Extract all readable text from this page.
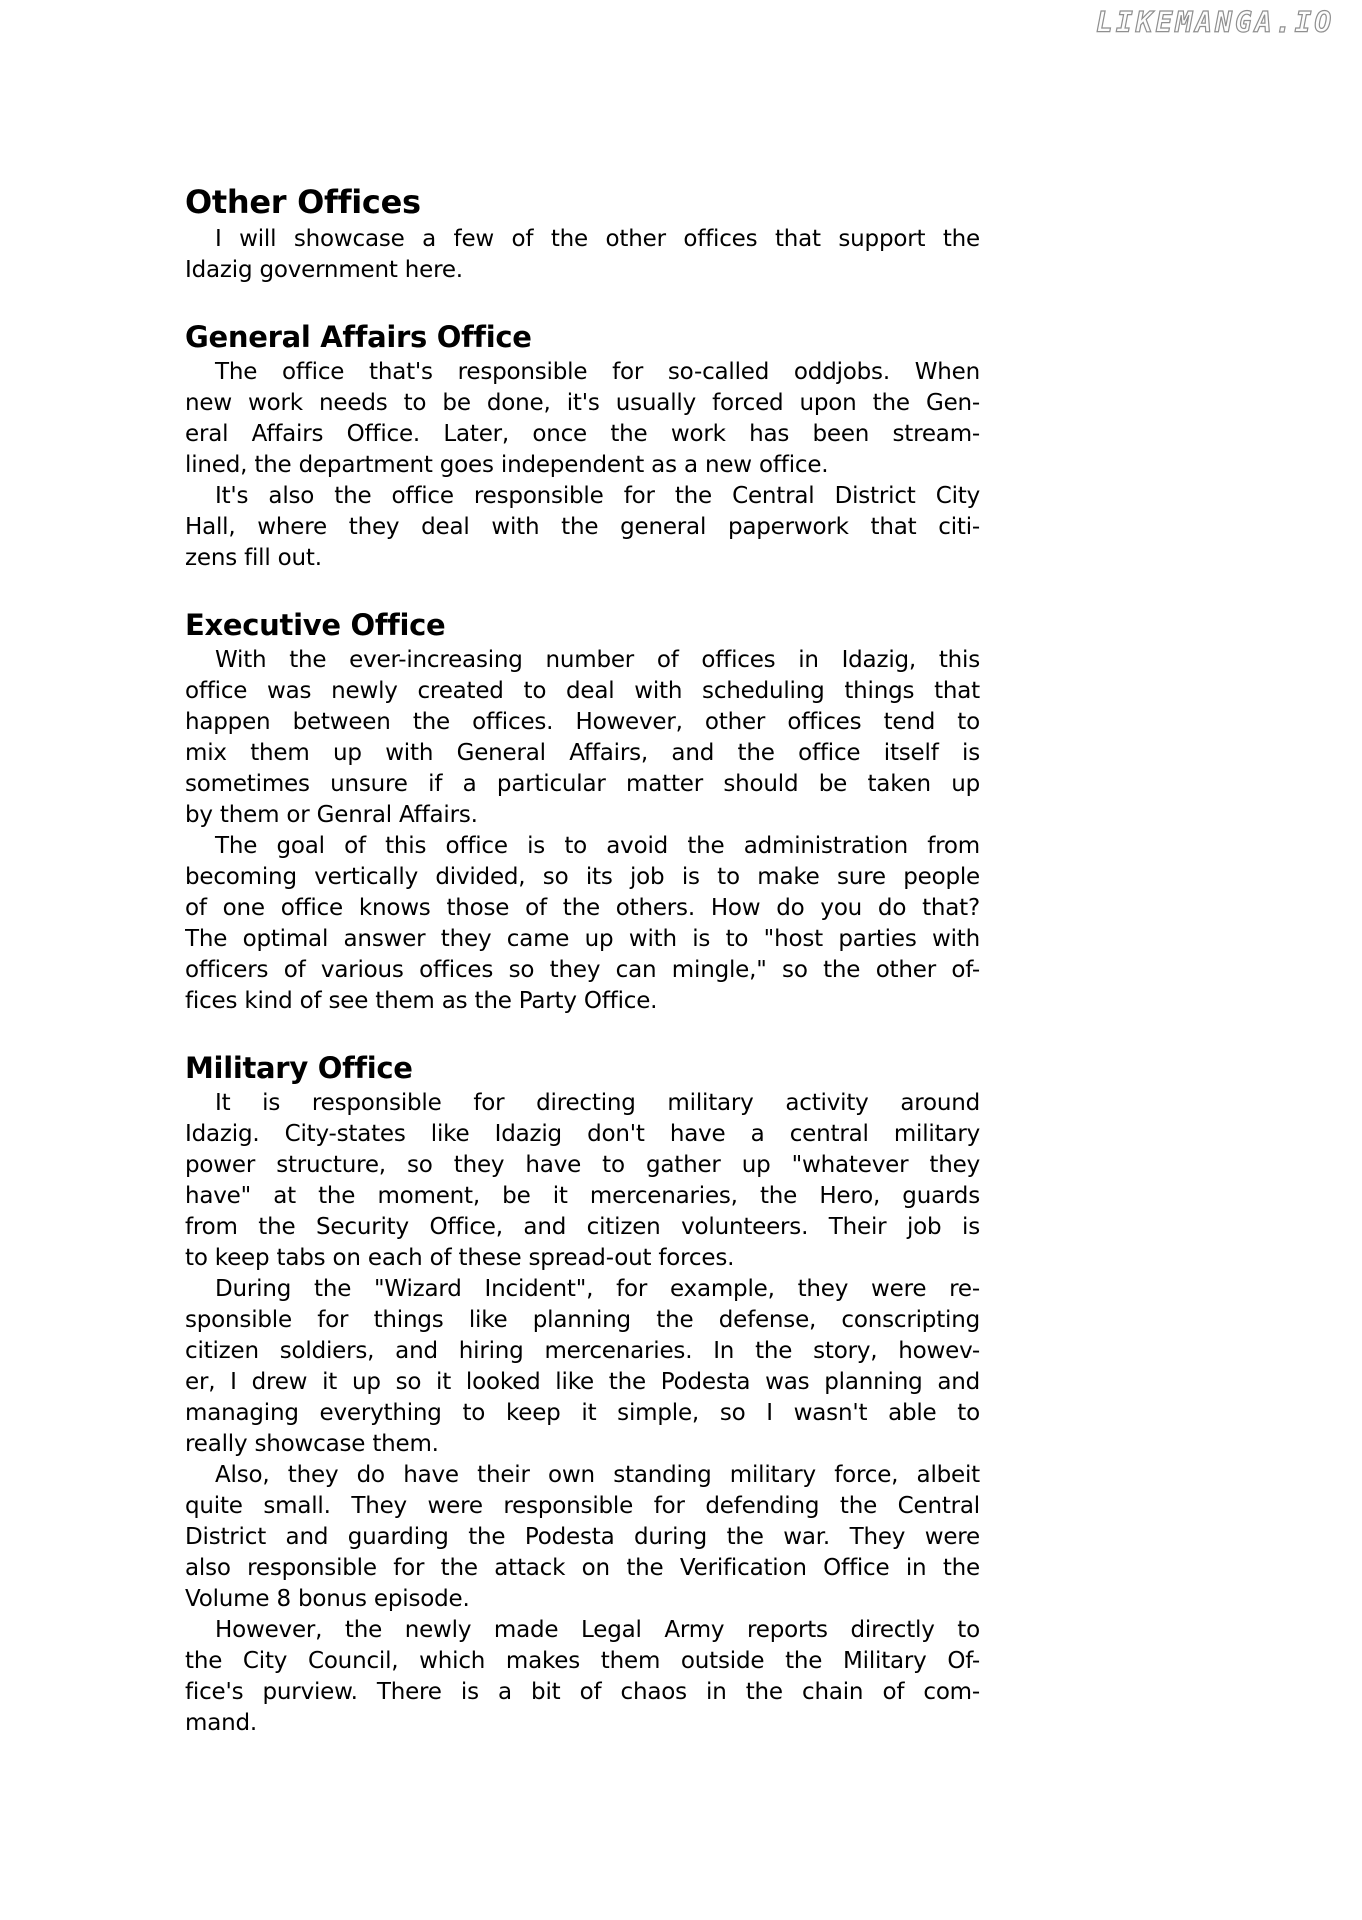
LIKEMANGA.IO
Other Offices
I will showcase a few of the other offices that support the
Idazig government here.
General Affairs Office
The office that's responsible for so-called oddjobs. When
new work needs to be done, it's usually forced upon the Gen-
eral Affairs Office. Later, once the work has been stream-
lined, the department goes independent as a new office.
It's also the office responsible for the Central District City
Hall, where they deal with the general paperwork that citi-
zens fill out.
Executive Office
With the ever-increasing number of offices in Idazig, this
office was newly created to deal with scheduling things that
happen between the offices. However, other offices tend to
mix them up with General Affairs, and the office itself is
sometimes unsure if a particular matter should be taken up
by them or Genral Affairs.
The goal of this office is to avoid the administration from
becoming vertically divided, so its job is to make sure people
of one office knows those of the others. How do you do that?
The optimal answer they came up with is to "host parties with
officers of various offices so they can mingle," so the other of-
fices kind of see them as the Party Office.
Military Office
It is responsible for directing military activity around
Idazig. City-states like Idazig don't have a central military
power structure, so they have to gather up "whatever they
have" at the moment, be it mercenaries, the Hero, guards
from the Security Office, and citizen volunteers. Their job is
to keep tabs on each of these spread-out forces.
During the "Wizard Incident", for example, they were re-
sponsible for things like planning the defense, conscripting
citizen soldiers, and hiring mercenaries. In the story, howev-
er, I drew it up so it looked like the Podesta was planning and
managing everything to keep it simple, so I wasn't able to
really showcase them.
Also, they do have their own standing military force, albeit
quite small. They were responsible for defending the Central
District and guarding the Podesta during the war. They were
also responsible for the attack on the Verification Office in the
Volume 8 bonus episode.
However, the newly made Legal Army reports directly to
the City Council, which makes them outside the Military Of-
fice's purview. There is a bit of chaos in the chain of com-
mand.
